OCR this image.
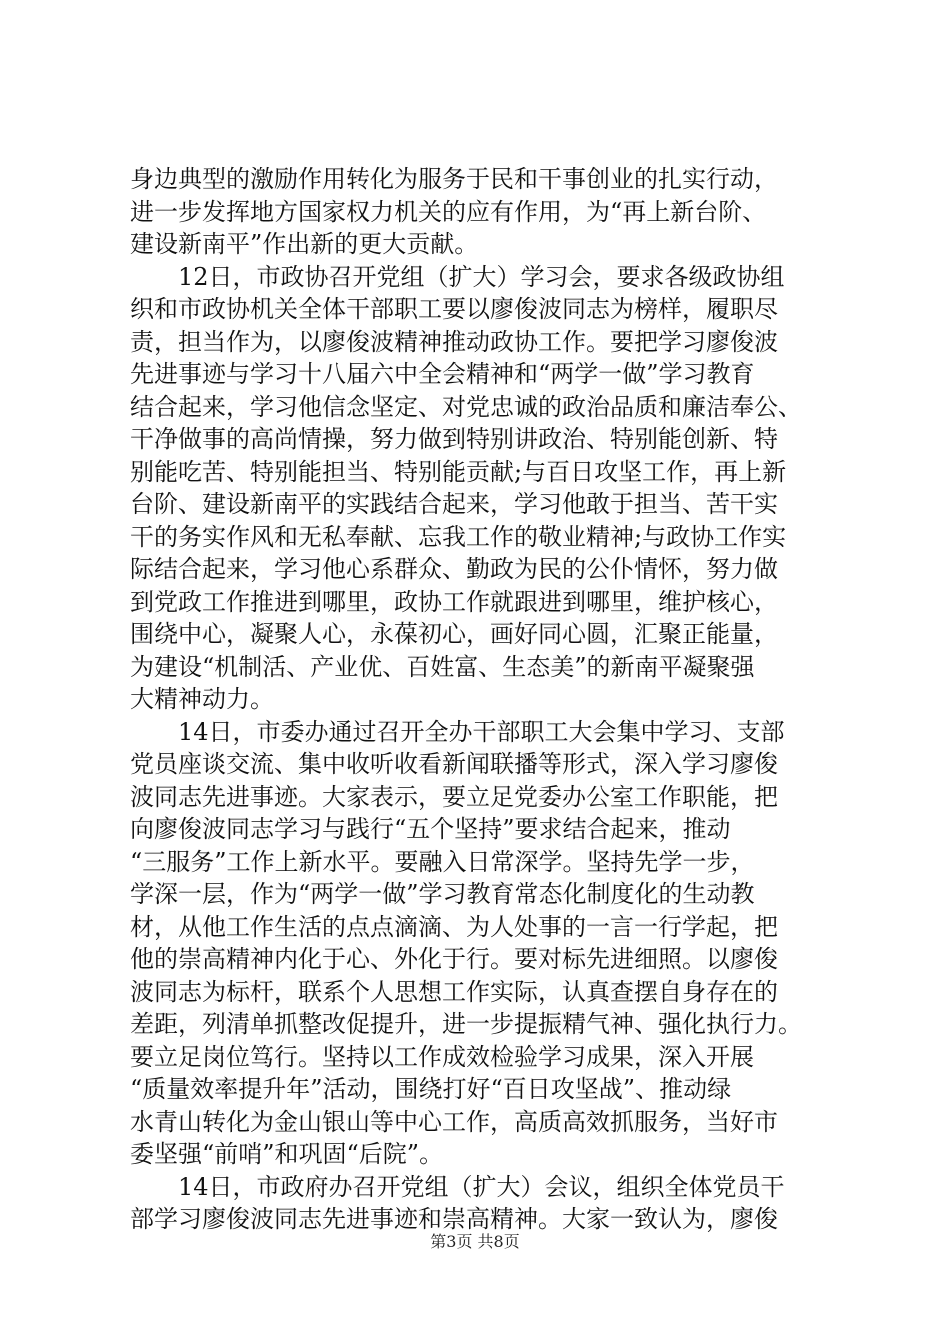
身边典型的激励作用转化为服务于民和干事创业的扎实行动，
进一步发挥地方国家权力机关的应有作用，为“再上新台阶、
建设新南平”作出新的更大贡献。
12日，市政协召开党组（扩大）学习会，要求各级政协组
织和市政协机关全体干部职工要以廖俊波同志为榜样，履职尽
责，担当作为，以廖俊波精神推动政协工作。要把学习廖俊波
先进事迹与学习十八届六中全会精神和“两学一做”学习教育
结合起来，学习他信念坚定、对党忠诚的政治品质和廉洁奉公、
干净做事的高尚情操，努力做到特别讲政治、特别能创新、特
别能吃苦、特别能担当、特别能贡献;与百日攻坚工作，再上新
台阶、建设新南平的实践结合起来，学习他敢于担当、苦干实
干的务实作风和无私奉献、忘我工作的敬业精神;与政协工作实
际结合起来，学习他心系群众、勤政为民的公仆情怀，努力做
到党政工作推进到哪里，政协工作就跟进到哪里，维护核心，
围绕中心，凝聚人心，永葆初心，画好同心圆，汇聚正能量，
为建设“机制活、产业优、百姓富、生态美”的新南平凝聚强
大精神动力。
14日，市委办通过召开全办干部职工大会集中学习、支部
党员座谈交流、集中收听收看新闻联播等形式，深入学习廖俊
波同志先进事迹。大家表示，要立足党委办公室工作职能，把
向廖俊波同志学习与践行“五个坚持”要求结合起来，推动
“三服务”工作上新水平。要融入日常深学。坚持先学一步，
学深一层，作为“两学一做”学习教育常态化制度化的生动教
材，从他工作生活的点点滴滴、为人处事的一言一行学起，把
他的崇高精神内化于心、外化于行。要对标先进细照。以廖俊
波同志为标杆，联系个人思想工作实际，认真查摆自身存在的
差距，列清单抓整改促提升，进一步提振精气神、强化执行力。
要立足岗位笃行。坚持以工作成效检验学习成果，深入开展
“质量效率提升年”活动，围绕打好“百日攻坚战”、推动绿
水青山转化为金山银山等中心工作，高质高效抓服务，当好市
委坚强“前哨”和巩固“后院”。
14日，市政府办召开党组（扩大）会议，组织全体党员干
部学习廖俊波同志先进事迹和崇高精神。大家一致认为，廖俊
第3页 共8页
